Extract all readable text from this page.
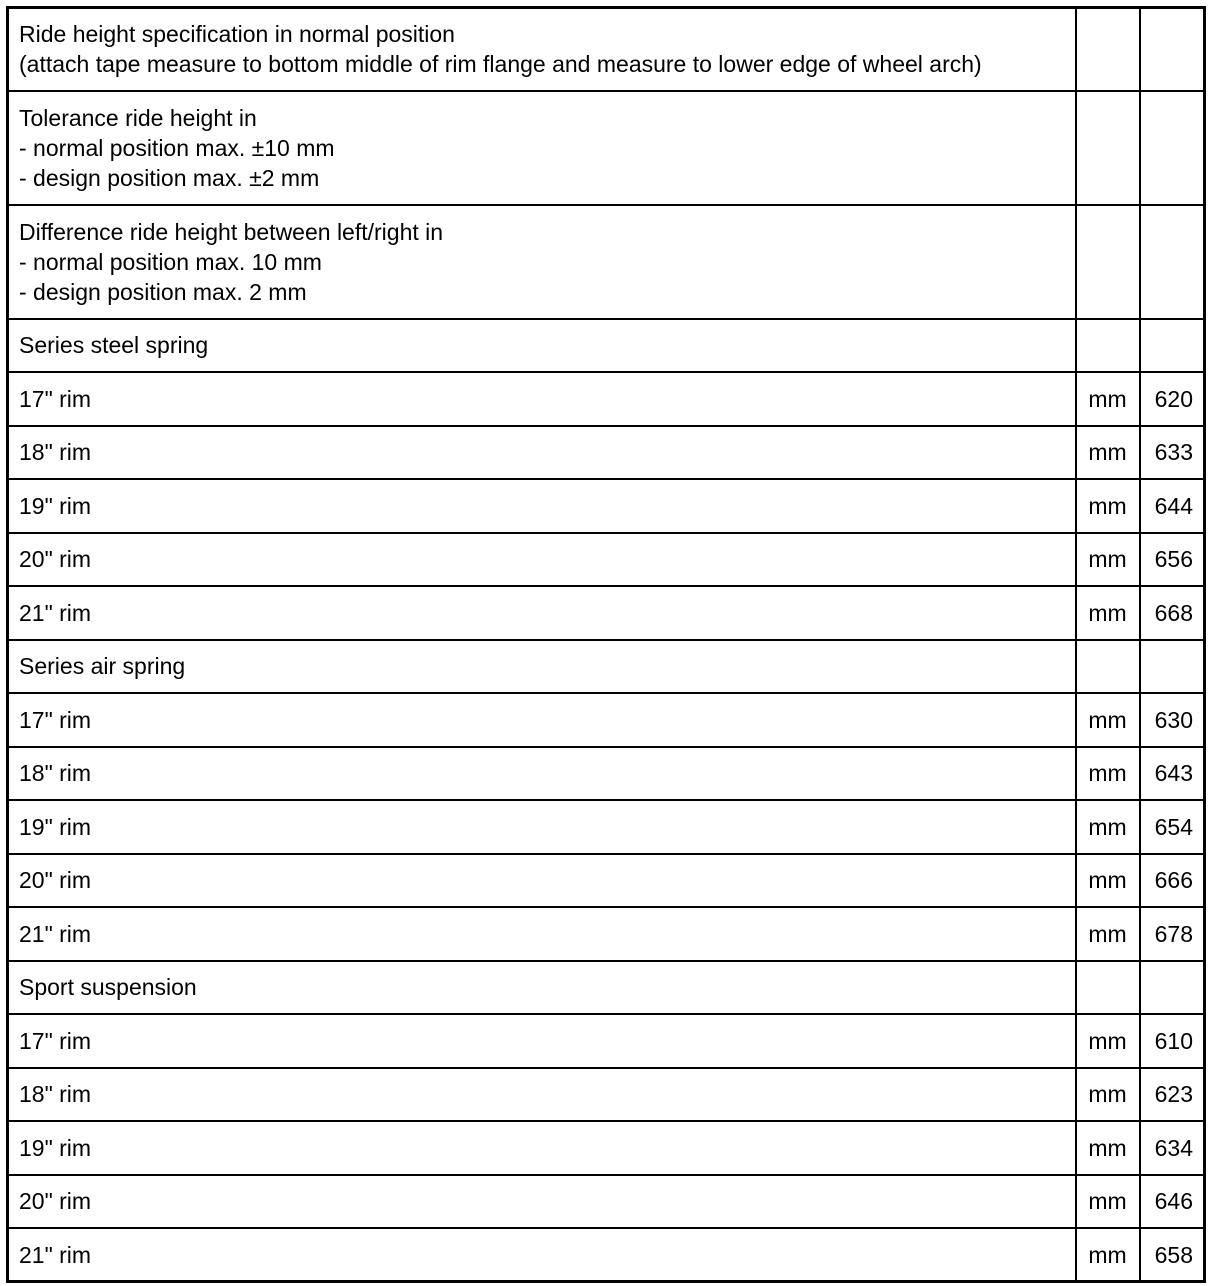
Ride height specification in normal position
(attach tape measure to bottom middle of rim flange and measure to lower edge of wheel arch)		

Tolerance ride height in
- normal position max. ±10 mm
- design position max. ±2 mm		

Difference ride height between left/right in
- normal position max. 10 mm
- design position max. 2 mm		

Series steel spring		
17" rim	mm	620
18" rim	mm	633
19" rim	mm	644
20" rim	mm	656
21" rim	mm	668
Series air spring		
17" rim	mm	630
18" rim	mm	643
19" rim	mm	654
20" rim	mm	666
21" rim	mm	678
Sport suspension		
17" rim	mm	610
18" rim	mm	623
19" rim	mm	634
20" rim	mm	646
21" rim	mm	658
